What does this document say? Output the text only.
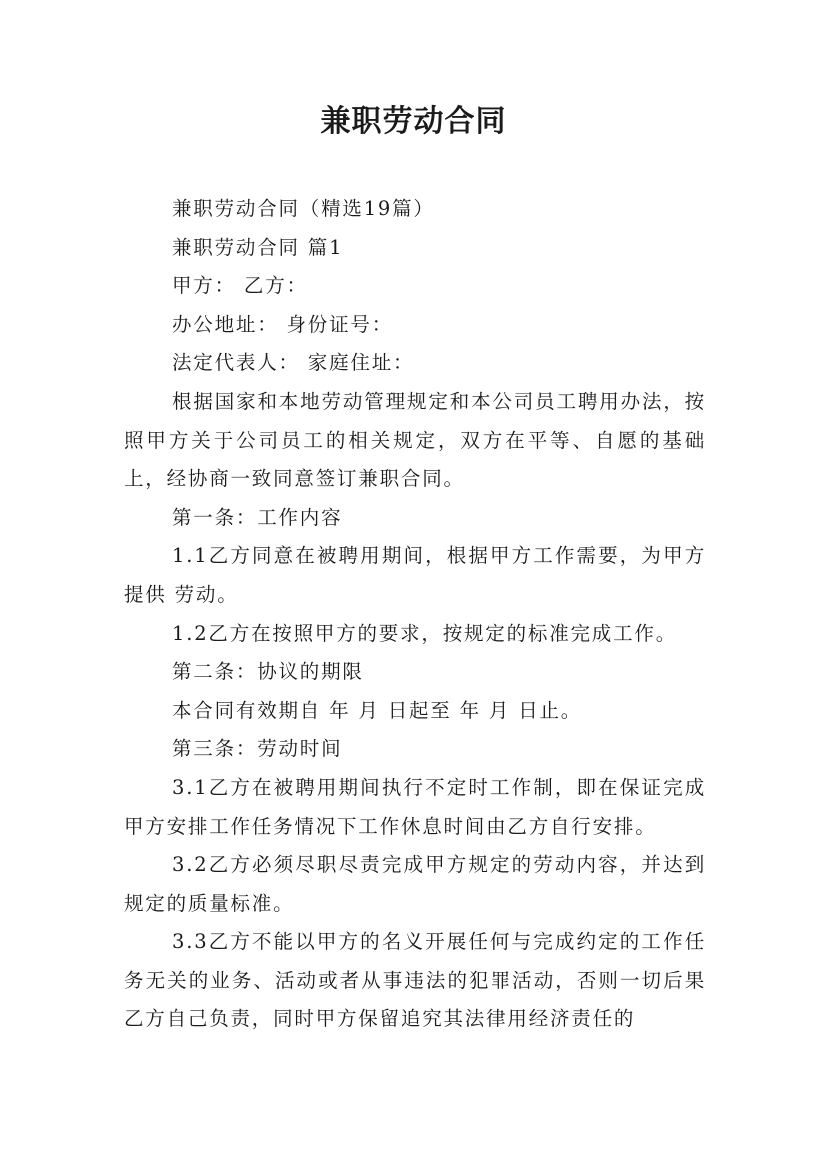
兼职劳动合同

兼职劳动合同（精选19篇）

兼职劳动合同 篇1

甲方： 乙方：

办公地址： 身份证号：

法定代表人： 家庭住址：

根据国家和本地劳动管理规定和本公司员工聘用办法，按照甲方关于公司员工的相关规定，双方在平等、自愿的基础上，经协商一致同意签订兼职合同。

第一条：工作内容

1.1乙方同意在被聘用期间，根据甲方工作需要，为甲方提供 劳动。

1.2乙方在按照甲方的要求，按规定的标准完成工作。

第二条：协议的期限

本合同有效期自 年 月 日起至 年 月 日止。

第三条：劳动时间

3.1乙方在被聘用期间执行不定时工作制，即在保证完成甲方安排工作任务情况下工作休息时间由乙方自行安排。

3.2乙方必须尽职尽责完成甲方规定的劳动内容，并达到规定的质量标准。

3.3乙方不能以甲方的名义开展任何与完成约定的工作任务无关的业务、活动或者从事违法的犯罪活动，否则一切后果乙方自己负责，同时甲方保留追究其法律用经济责任的
